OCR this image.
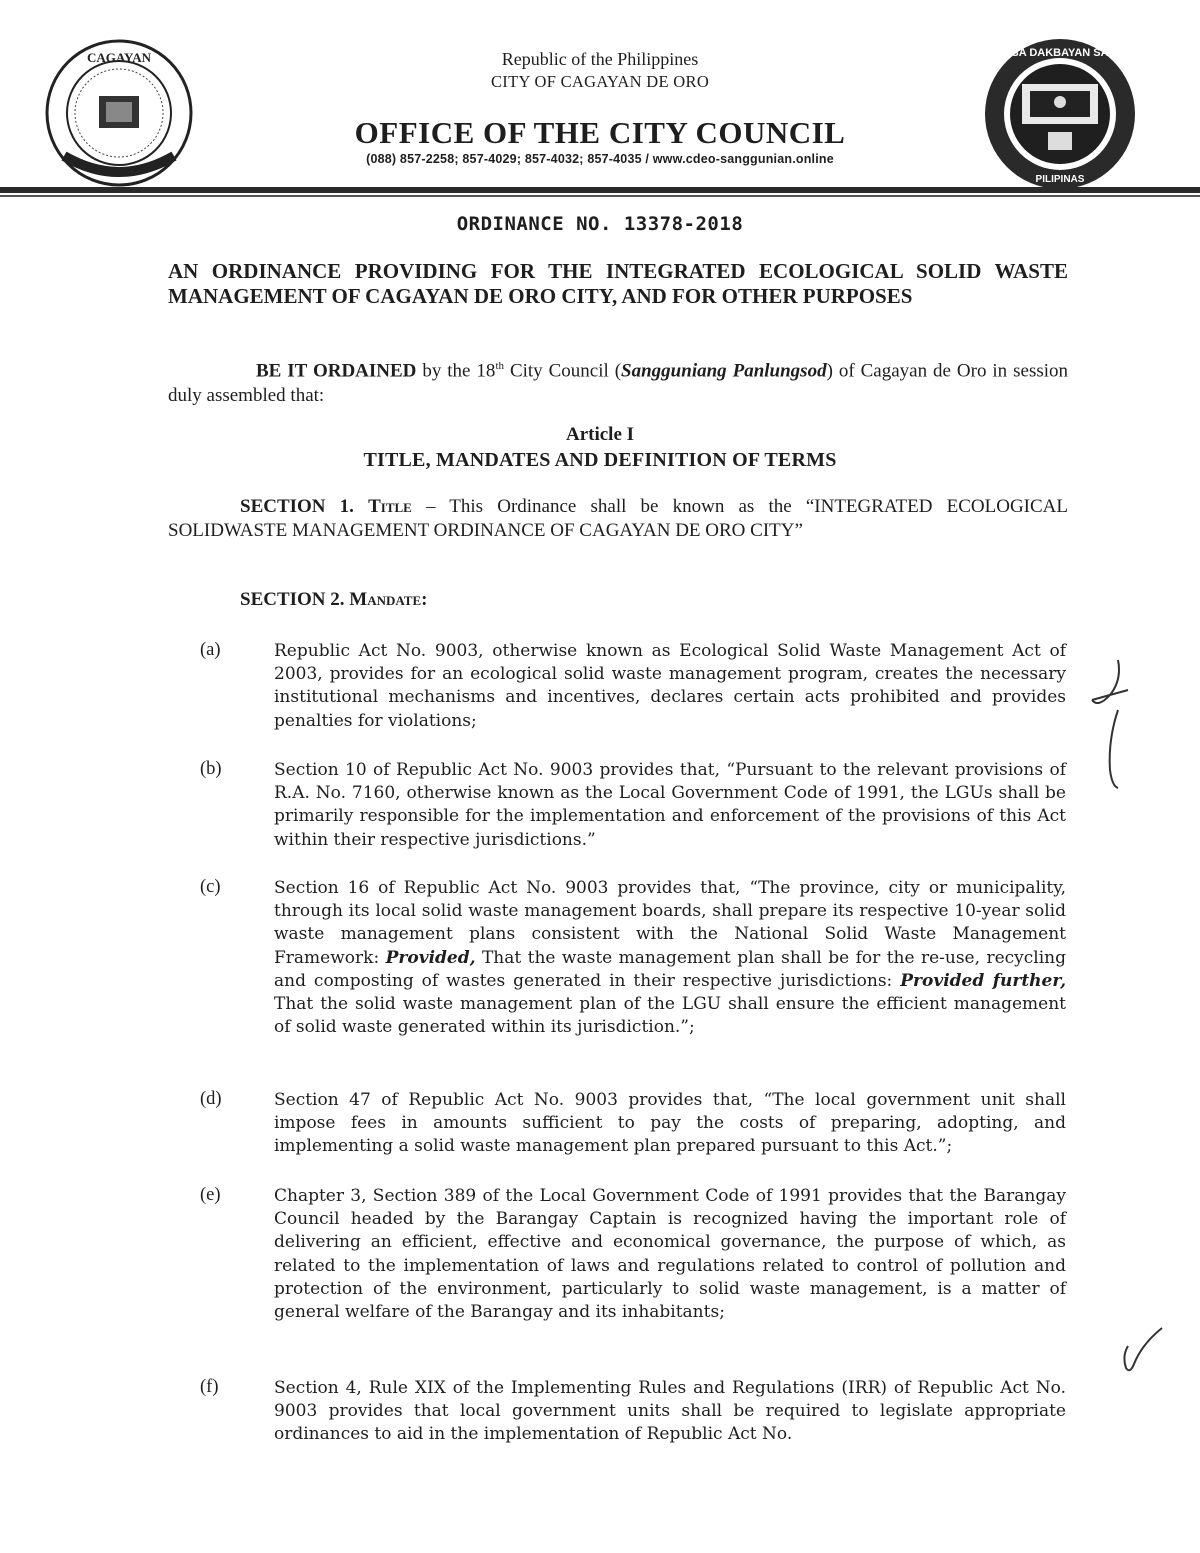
CAGAYAN	SA DAKBAYAN SA
PILIPINAS
Republic of the Philippines
CITY OF CAGAYAN DE ORO
OFFICE OF THE CITY COUNCIL
(088) 857-2258; 857-4029; 857-4032; 857-4035 / www.cdeo-sanggunian.online
ORDINANCE NO. 13378-2018
AN ORDINANCE PROVIDING FOR THE INTEGRATED ECOLOGICAL SOLID WASTE MANAGEMENT OF CAGAYAN DE ORO CITY, AND FOR OTHER PURPOSES
BE IT ORDAINED by the 18th City Council (Sangguniang Panlungsod) of Cagayan de Oro in session duly assembled that:
Article I
TITLE, MANDATES AND DEFINITION OF TERMS
SECTION 1. Title – This Ordinance shall be known as the “INTEGRATED ECOLOGICAL SOLIDWASTE MANAGEMENT ORDINANCE OF CAGAYAN DE ORO CITY”
SECTION 2. Mandate:
(a)	Republic Act No. 9003, otherwise known as Ecological Solid Waste Management Act of 2003, provides for an ecological solid waste management program, creates the necessary institutional mechanisms and incentives, declares certain acts prohibited and provides penalties for violations;
(b)	Section 10 of Republic Act No. 9003 provides that, “Pursuant to the relevant provisions of R.A. No. 7160, otherwise known as the Local Government Code of 1991, the LGUs shall be primarily responsible for the implementation and enforcement of the provisions of this Act within their respective jurisdictions.”
(c)	Section 16 of Republic Act No. 9003 provides that, “The province, city or municipality, through its local solid waste management boards, shall prepare its respective 10-year solid waste management plans consistent with the National Solid Waste Management Framework: Provided, That the waste management plan shall be for the re-use, recycling and composting of wastes generated in their respective jurisdictions: Provided further, That the solid waste management plan of the LGU shall ensure the efficient management of solid waste generated within its jurisdiction.”;
(d)	Section 47 of Republic Act No. 9003 provides that, “The local government unit shall impose fees in amounts sufficient to pay the costs of preparing, adopting, and implementing a solid waste management plan prepared pursuant to this Act.”;
(e)	Chapter 3, Section 389 of the Local Government Code of 1991 provides that the Barangay Council headed by the Barangay Captain is recognized having the important role of delivering an efficient, effective and economical governance, the purpose of which, as related to the implementation of laws and regulations related to control of pollution and protection of the environment, particularly to solid waste management, is a matter of general welfare of the Barangay and its inhabitants;
(f)	Section 4, Rule XIX of the Implementing Rules and Regulations (IRR) of Republic Act No. 9003 provides that local government units shall be required to legislate appropriate ordinances to aid in the implementation of Republic Act No.
